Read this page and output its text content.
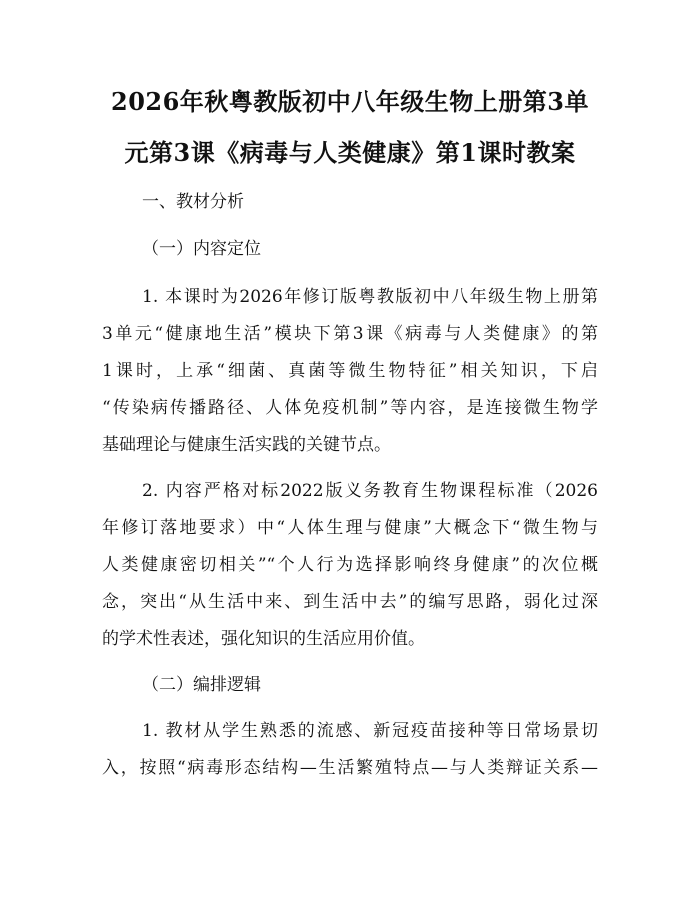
2026年秋粤教版初中八年级生物上册第3单
元第3课《病毒与人类健康》第1课时教案
一、教材分析
（一）内容定位
1. 本课时为2026年修订版粤教版初中八年级生物上册第
3单元“健康地生活”模块下第3课《病毒与人类健康》的第
1课时，上承“细菌、真菌等微生物特征”相关知识，下启
“传染病传播路径、人体免疫机制”等内容，是连接微生物学
基础理论与健康生活实践的关键节点。
2. 内容严格对标2022版义务教育生物课程标准（2026
年修订落地要求）中“人体生理与健康”大概念下“微生物与
人类健康密切相关”“个人行为选择影响终身健康”的次位概
念，突出“从生活中来、到生活中去”的编写思路，弱化过深
的学术性表述，强化知识的生活应用价值。
（二）编排逻辑
1. 教材从学生熟悉的流感、新冠疫苗接种等日常场景切
入，按照“病毒形态结构—生活繁殖特点—与人类辩证关系—
